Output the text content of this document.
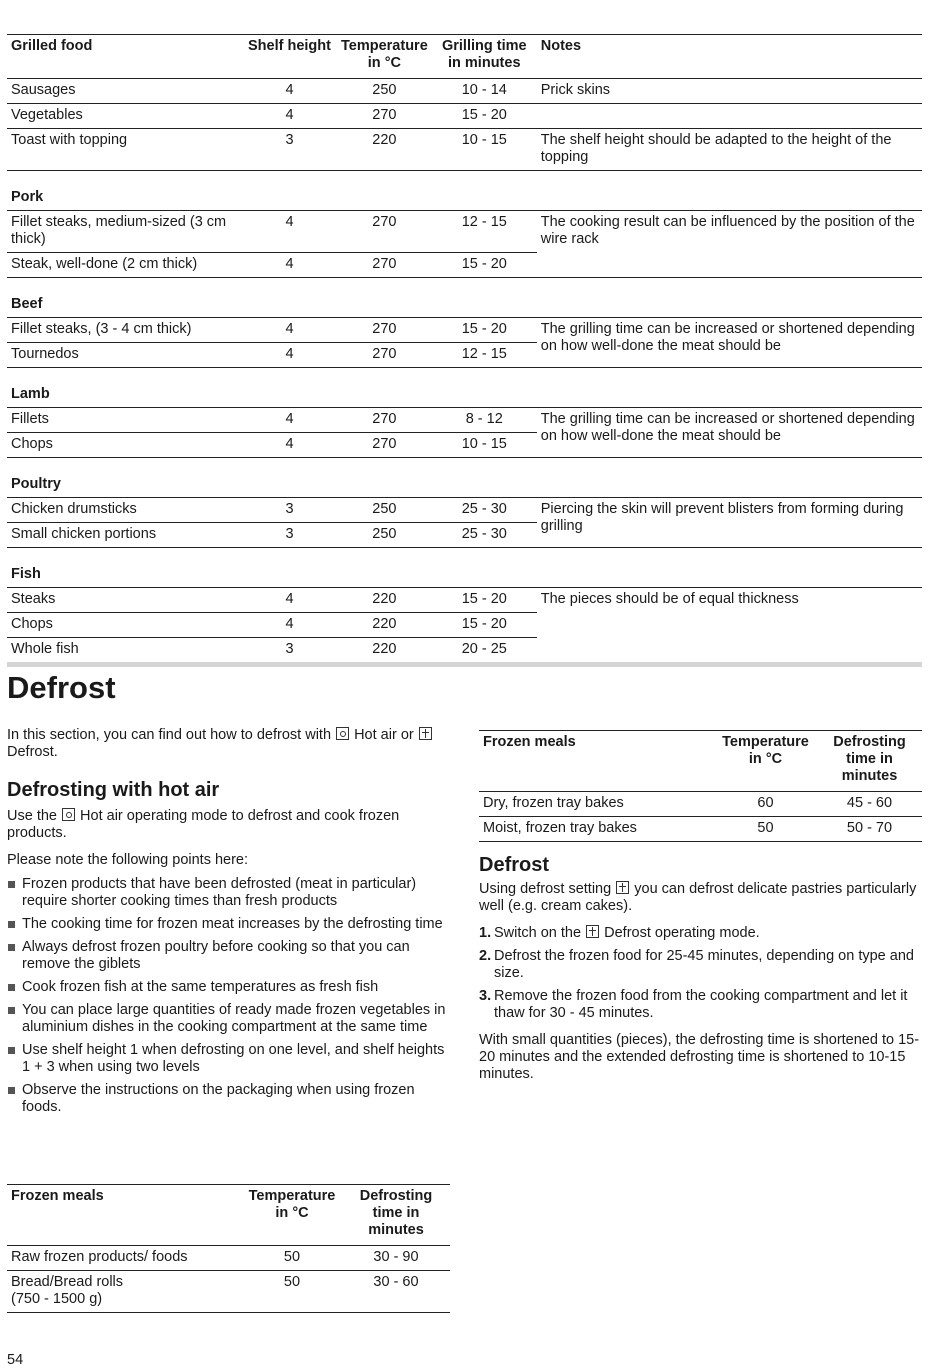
Grilled food	Shelf height	Temperature in °C	Grilling time in minutes	Notes
Sausages	4	250	10 - 14	Prick skins
Vegetables	4	270	15 - 20	
Toast with topping	3	220	10 - 15	The shelf height should be adapted to the height of the topping
Pork				
Fillet steaks, medium-sized (3 cm thick)	4	270	12 - 15	The cooking result can be influenced by the position of the wire rack
Steak, well-done (2 cm thick)	4	270	15 - 20	
Beef				
Fillet steaks, (3 - 4 cm thick)	4	270	15 - 20	The grilling time can be increased or shortened depending on how well-done the meat should be
Tournedos	4	270	12 - 15	
Lamb				
Fillets	4	270	8 - 12	The grilling time can be increased or shortened depending on how well-done the meat should be
Chops	4	270	10 - 15	
Poultry				
Chicken drumsticks	3	250	25 - 30	Piercing the skin will prevent blisters from forming during grilling
Small chicken portions	3	250	25 - 30	
Fish				
Steaks	4	220	15 - 20	The pieces should be of equal thickness
Chops	4	220	15 - 20	
Whole fish	3	220	20 - 25	
Defrost

In this section, you can find out how to defrost with Hot air or  Defrost.

Defrosting with hot air

Use the Hot air operating mode to defrost and cook frozen products.

Please note the following points here:

Frozen products that have been defrosted (meat in particular) require shorter cooking times than fresh products
The cooking time for frozen meat increases by the defrosting time
Always defrost frozen poultry before cooking so that you can remove the giblets
Cook frozen fish at the same temperatures as fresh fish
You can place large quantities of ready made frozen vegetables in aluminium dishes in the cooking compartment at the same time
Use shelf height 1 when defrosting on one level, and shelf heights 1 + 3 when using two levels
Observe the instructions on the packaging when using frozen foods.
Frozen meals	Temperature in °C	Defrosting time in minutes
Raw frozen products/ foods	50	30 - 90
Bread/Bread rolls (750 - 1500 g)	50	30 - 60
Frozen meals	Temperature in °C	Defrosting time in minutes
Dry, frozen tray bakes	60	45 - 60
Moist, frozen tray bakes	50	50 - 70
Defrost

Using defrost setting you can defrost delicate pastries particularly well (e.g. cream cakes).

1. Switch on the Defrost operating mode.
2. Defrost the frozen food for 25-45 minutes, depending on type and size.
3. Remove the frozen food from the cooking compartment and let it thaw for 30 - 45 minutes.

With small quantities (pieces), the defrosting time is shortened to 15-20 minutes and the extended defrosting time is shortened to 10-15 minutes.

54
